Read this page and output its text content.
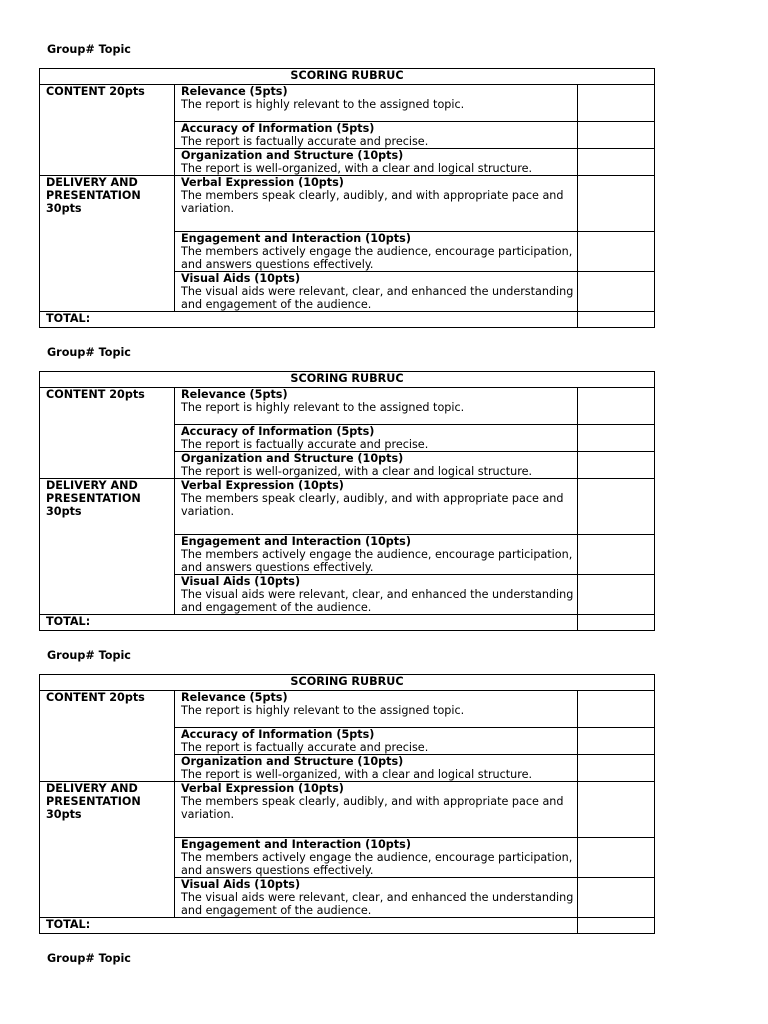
Group# Topic
SCORING RUBRUC		
CONTENT 20pts	Relevance (5pts)
The report is highly relevant to the assigned topic.	

	Accuracy of Information (5pts)
The report is factually accurate and precise.	

	Organization and Structure (10pts)
The report is well-organized, with a clear and logical structure.	

DELIVERY AND PRESENTATION 30pts	Verbal Expression (10pts)
The members speak clearly, audibly, and with appropriate pace and variation.	

	Engagement and Interaction (10pts)
The members actively engage the audience, encourage participation, and answers questions effectively.	

	Visual Aids (10pts)
The visual aids were relevant, clear, and enhanced the understanding and engagement of the audience.	

TOTAL:		
Group# Topic
SCORING RUBRUC		
CONTENT 20pts	Relevance (5pts)
The report is highly relevant to the assigned topic.	

	Accuracy of Information (5pts)
The report is factually accurate and precise.	

	Organization and Structure (10pts)
The report is well-organized, with a clear and logical structure.	

DELIVERY AND PRESENTATION 30pts	Verbal Expression (10pts)
The members speak clearly, audibly, and with appropriate pace and variation.	

	Engagement and Interaction (10pts)
The members actively engage the audience, encourage participation, and answers questions effectively.	

	Visual Aids (10pts)
The visual aids were relevant, clear, and enhanced the understanding and engagement of the audience.	

TOTAL:		
Group# Topic
SCORING RUBRUC		
CONTENT 20pts	Relevance (5pts)
The report is highly relevant to the assigned topic.	

	Accuracy of Information (5pts)
The report is factually accurate and precise.	

	Organization and Structure (10pts)
The report is well-organized, with a clear and logical structure.	

DELIVERY AND PRESENTATION 30pts	Verbal Expression (10pts)
The members speak clearly, audibly, and with appropriate pace and variation.	

	Engagement and Interaction (10pts)
The members actively engage the audience, encourage participation, and answers questions effectively.	

	Visual Aids (10pts)
The visual aids were relevant, clear, and enhanced the understanding and engagement of the audience.	

TOTAL:		
Group# Topic
